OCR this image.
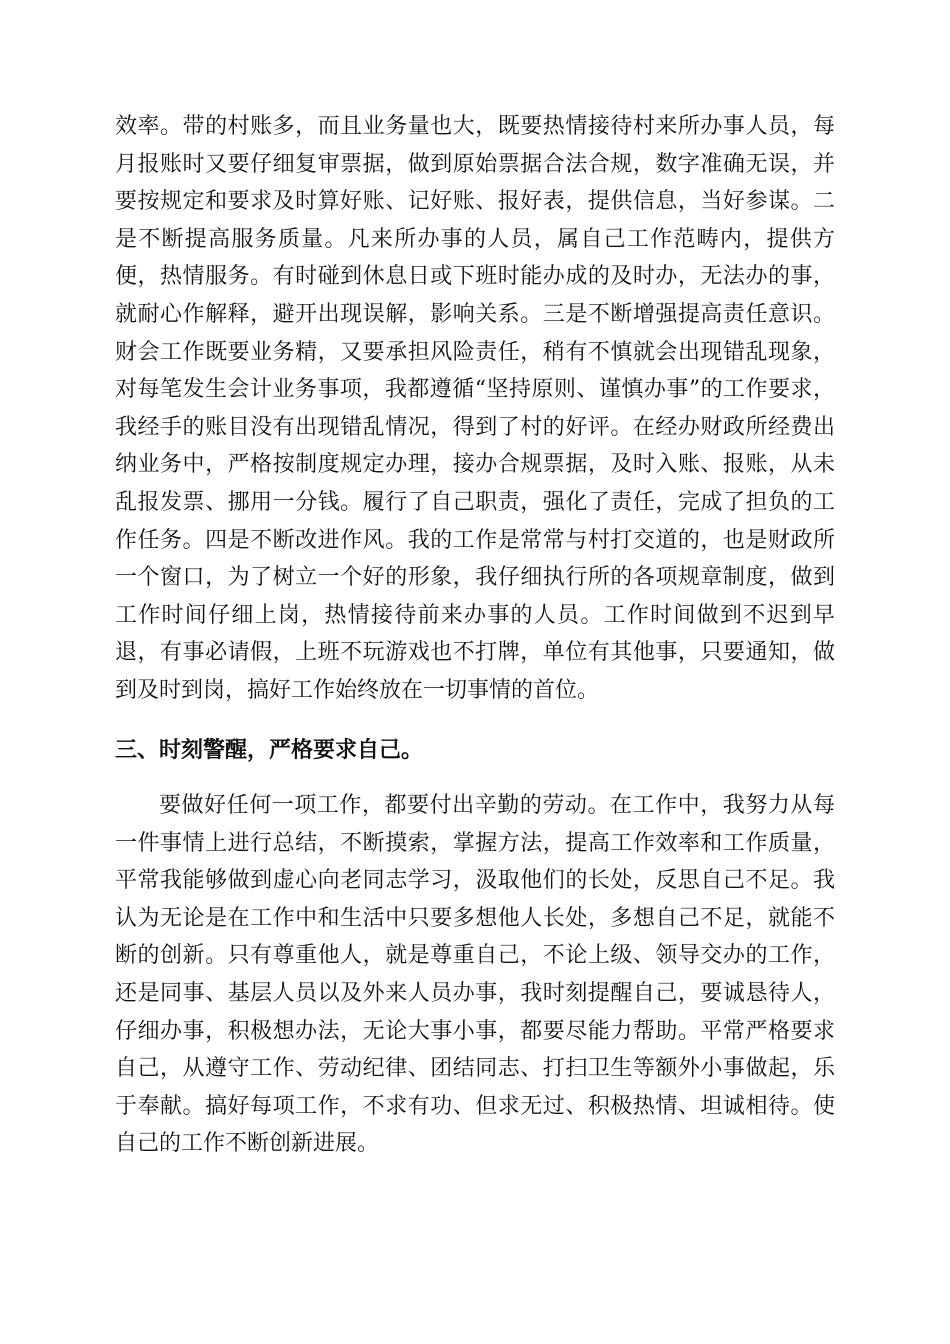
效率。带的村账多，而且业务量也大，既要热情接待村来所办事人员，每月报账时又要仔细复审票据，做到原始票据合法合规，数字准确无误，并要按规定和要求及时算好账、记好账、报好表，提供信息，当好参谋。二是不断提高服务质量。凡来所办事的人员，属自己工作范畴内，提供方便，热情服务。有时碰到休息日或下班时能办成的及时办，无法办的事，就耐心作解释，避开出现误解，影响关系。三是不断增强提高责任意识。财会工作既要业务精，又要承担风险责任，稍有不慎就会出现错乱现象，对每笔发生会计业务事项，我都遵循“坚持原则、谨慎办事”的工作要求，我经手的账目没有出现错乱情况，得到了村的好评。在经办财政所经费出纳业务中，严格按制度规定办理，接办合规票据，及时入账、报账，从未乱报发票、挪用一分钱。履行了自己职责，强化了责任，完成了担负的工作任务。四是不断改进作风。我的工作是常常与村打交道的，也是财政所一个窗口，为了树立一个好的形象，我仔细执行所的各项规章制度，做到工作时间仔细上岗，热情接待前来办事的人员。工作时间做到不迟到早退，有事必请假，上班不玩游戏也不打牌，单位有其他事，只要通知，做到及时到岗，搞好工作始终放在一切事情的首位。

三、时刻警醒，严格要求自己。

要做好任何一项工作，都要付出辛勤的劳动。在工作中，我努力从每一件事情上进行总结，不断摸索，掌握方法，提高工作效率和工作质量，平常我能够做到虚心向老同志学习，汲取他们的长处，反思自己不足。我认为无论是在工作中和生活中只要多想他人长处，多想自己不足，就能不断的创新。只有尊重他人，就是尊重自己，不论上级、领导交办的工作，还是同事、基层人员以及外来人员办事，我时刻提醒自己，要诚恳待人，仔细办事，积极想办法，无论大事小事，都要尽能力帮助。平常严格要求自己，从遵守工作、劳动纪律、团结同志、打扫卫生等额外小事做起，乐于奉献。搞好每项工作，不求有功、但求无过、积极热情、坦诚相待。使自己的工作不断创新进展。
